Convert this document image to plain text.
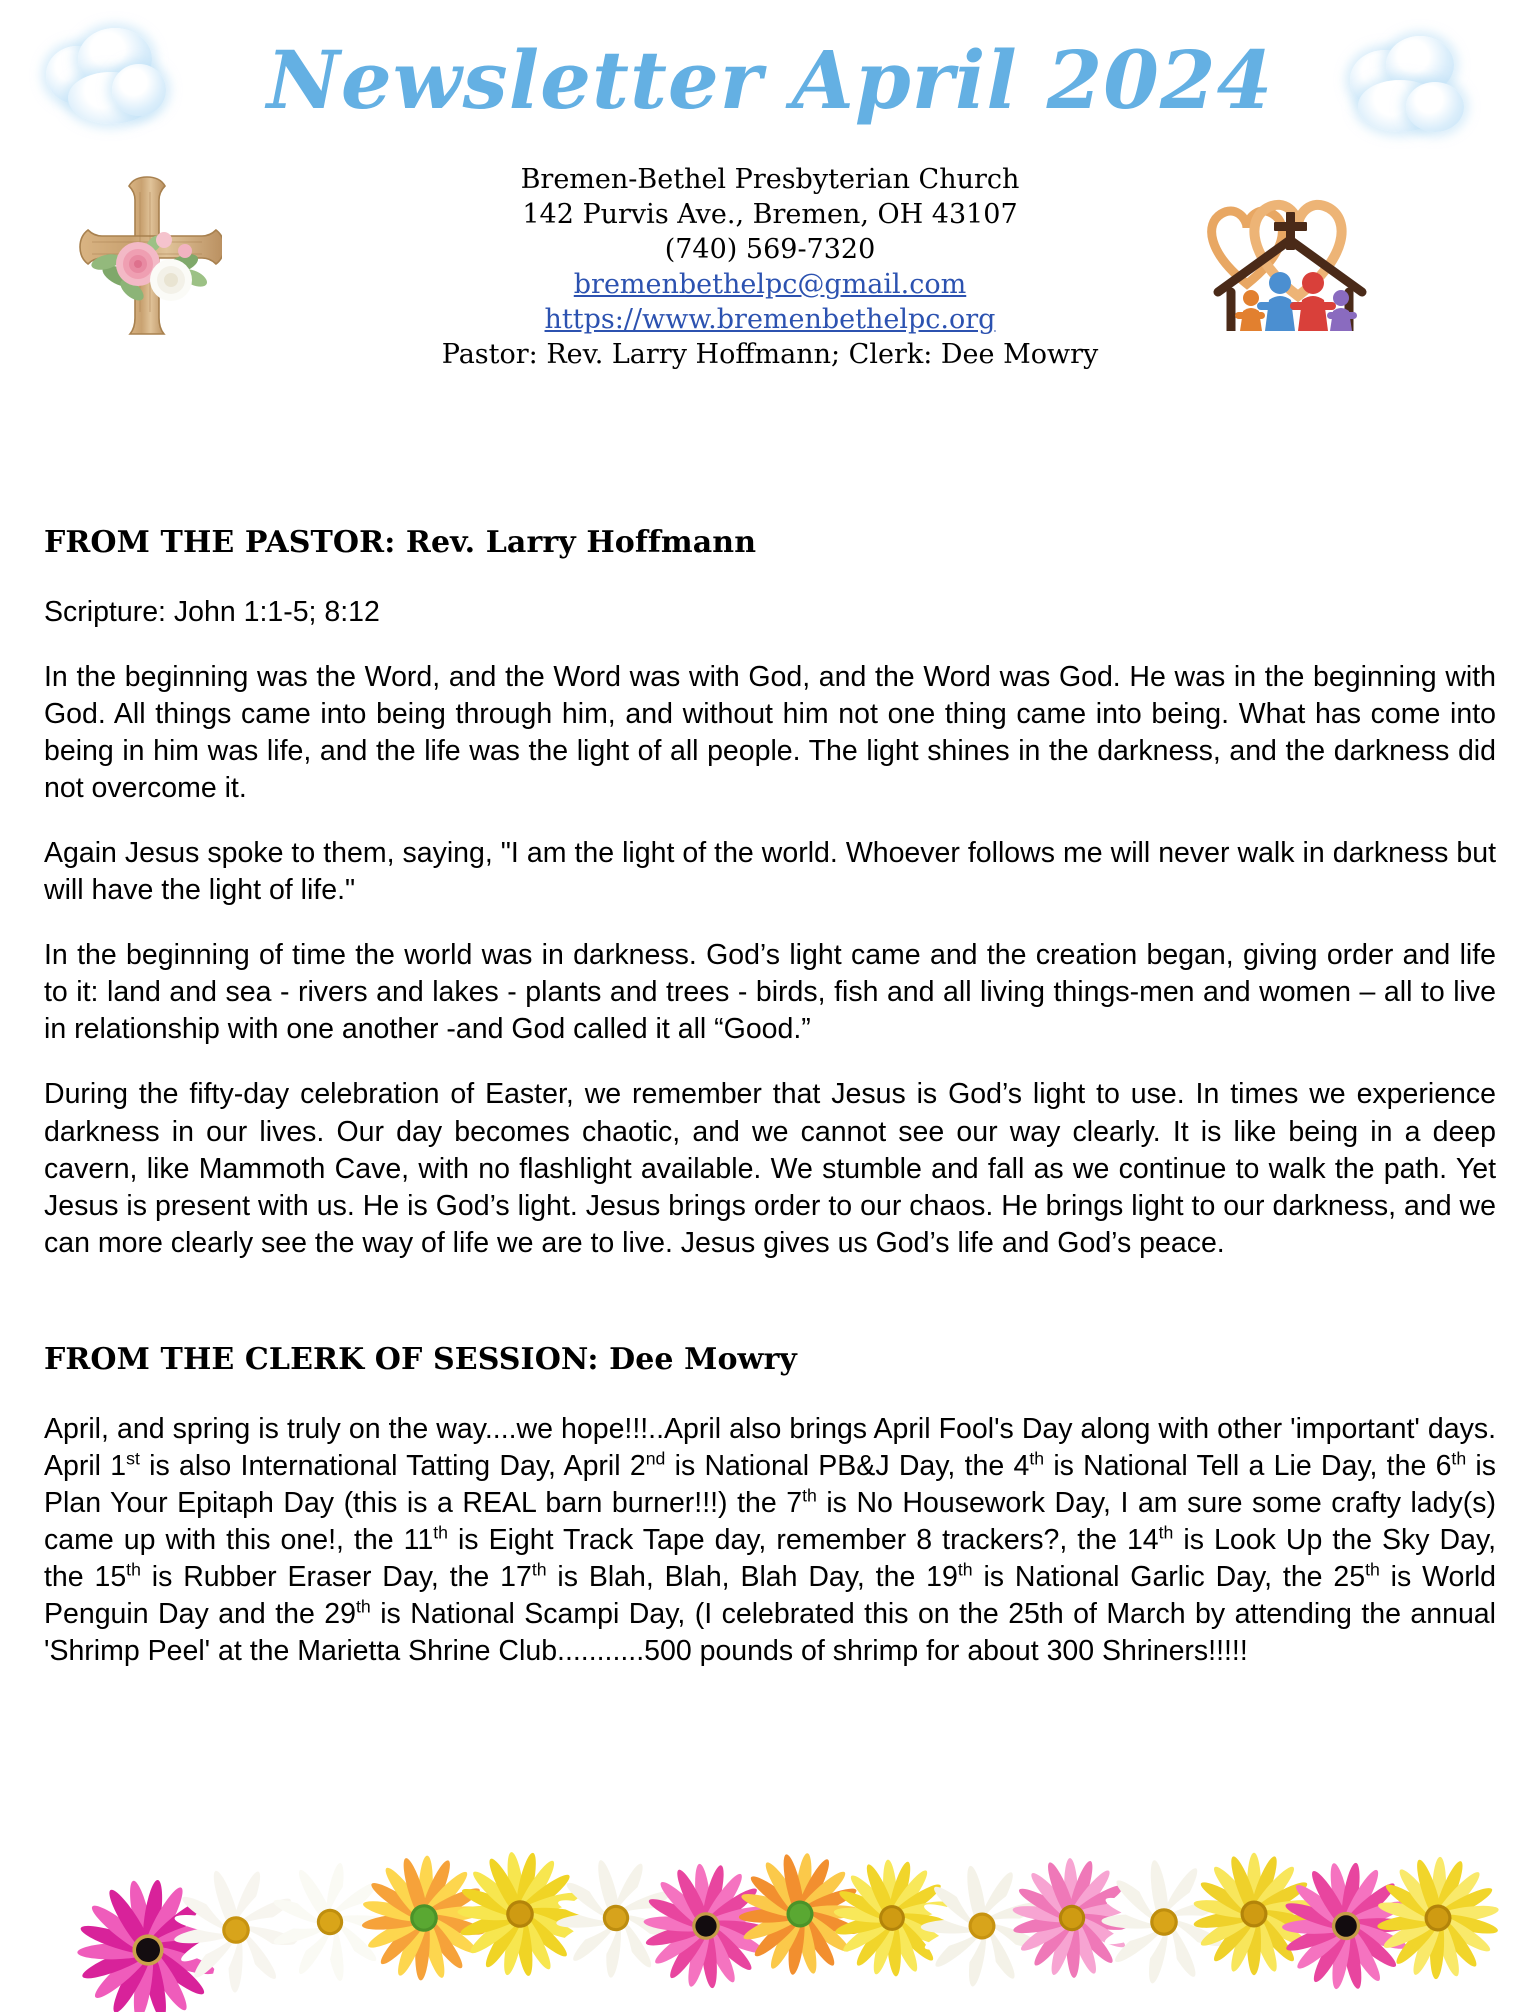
Newsletter April 2024
Bremen-Bethel Presbyterian Church
142 Purvis Ave., Bremen, OH 43107
(740) 569-7320
bremenbethelpc@gmail.com
https://www.bremenbethelpc.org
Pastor: Rev. Larry Hoffmann; Clerk: Dee Mowry
FROM THE PASTOR: Rev. Larry Hoffmann

Scripture: John 1:1-5; 8:12

In the beginning was the Word, and the Word was with God, and the Word was God. He was in the beginning with God. All things came into being through him, and without him not one thing came into being. What has come into being in him was life, and the life was the light of all people. The light shines in the darkness, and the darkness did not overcome it.

Again Jesus spoke to them, saying, "I am the light of the world. Whoever follows me will never walk in darkness but will have the light of life."

In the beginning of time the world was in darkness. God’s light came and the creation began, giving order and life to it: land and sea - rivers and lakes - plants and trees - birds, fish and all living things-men and women – all to live in relationship with one another -and God called it all “Good.”

During the fifty-day celebration of Easter, we remember that Jesus is God’s light to use. In times we experience darkness in our lives. Our day becomes chaotic, and we cannot see our way clearly. It is like being in a deep cavern, like Mammoth Cave, with no flashlight available. We stumble and fall as we continue to walk the path. Yet Jesus is present with us. He is God’s light. Jesus brings order to our chaos. He brings light to our darkness, and we can more clearly see the way of life we are to live. Jesus gives us God’s life and God’s peace.

FROM THE CLERK OF SESSION: Dee Mowry

April, and spring is truly on the way....we hope!!!..April also brings April Fool's Day along with other 'important' days. April 1st is also International Tatting Day, April 2nd is National PB&J Day, the 4th is National Tell a Lie Day, the 6th is Plan Your Epitaph Day (this is a REAL barn burner!!!) the 7th is No Housework Day, I am sure some crafty lady(s) came up with this one!, the 11th is Eight Track Tape day, remember 8 trackers?, the 14th is Look Up the Sky Day, the 15th is Rubber Eraser Day, the 17th is Blah, Blah, Blah Day, the 19th is National Garlic Day, the 25th is World Penguin Day and the 29th is National Scampi Day, (I celebrated this on the 25th of March by attending the annual 'Shrimp Peel' at the Marietta Shrine Club...........500 pounds of shrimp for about 300 Shriners!!!!!
